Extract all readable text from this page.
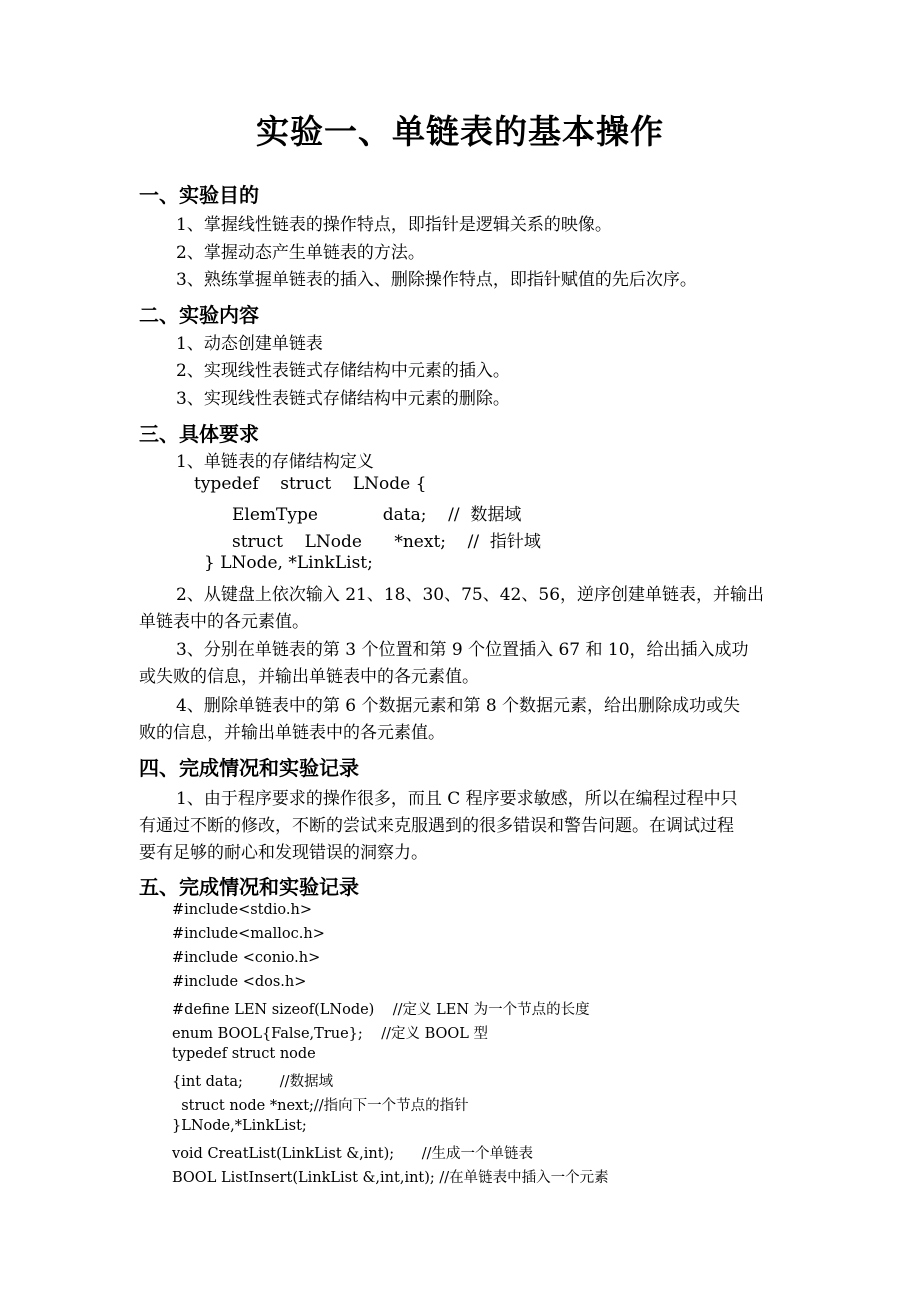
实验一、单链表的基本操作
一、实验目的
1、掌握线性链表的操作特点，即指针是逻辑关系的映像。
2、掌握动态产生单链表的方法。
3、熟练掌握单链表的插入、删除操作特点，即指针赋值的先后次序。
二、实验内容
1、动态创建单链表
2、实现线性表链式存储结构中元素的插入。
3、实现线性表链式存储结构中元素的删除。
三、具体要求
1、单链表的存储结构定义
typedef    struct    LNode {
ElemType            data;    //  数据域
struct    LNode      *next;    //  指针域
} LNode, *LinkList;
2、从键盘上依次输入 21、18、30、75、42、56，逆序创建单链表，并输出
单链表中的各元素值。
3、分别在单链表的第 3 个位置和第 9 个位置插入 67 和 10，给出插入成功
或失败的信息，并输出单链表中的各元素值。
4、删除单链表中的第 6 个数据元素和第 8 个数据元素，给出删除成功或失
败的信息，并输出单链表中的各元素值。
四、完成情况和实验记录
1、由于程序要求的操作很多，而且 C 程序要求敏感，所以在编程过程中只
有通过不断的修改，不断的尝试来克服遇到的很多错误和警告问题。在调试过程
要有足够的耐心和发现错误的洞察力。
五、完成情况和实验记录
#include<stdio.h>
#include<malloc.h>
#include <conio.h>
#include <dos.h>
#define LEN sizeof(LNode)    //定义 LEN 为一个节点的长度
enum BOOL{False,True};    //定义 BOOL 型
typedef struct node
{int data;        //数据域
struct node *next;//指向下一个节点的指针
}LNode,*LinkList;
void CreatList(LinkList &,int);      //生成一个单链表
BOOL ListInsert(LinkList &,int,int); //在单链表中插入一个元素
